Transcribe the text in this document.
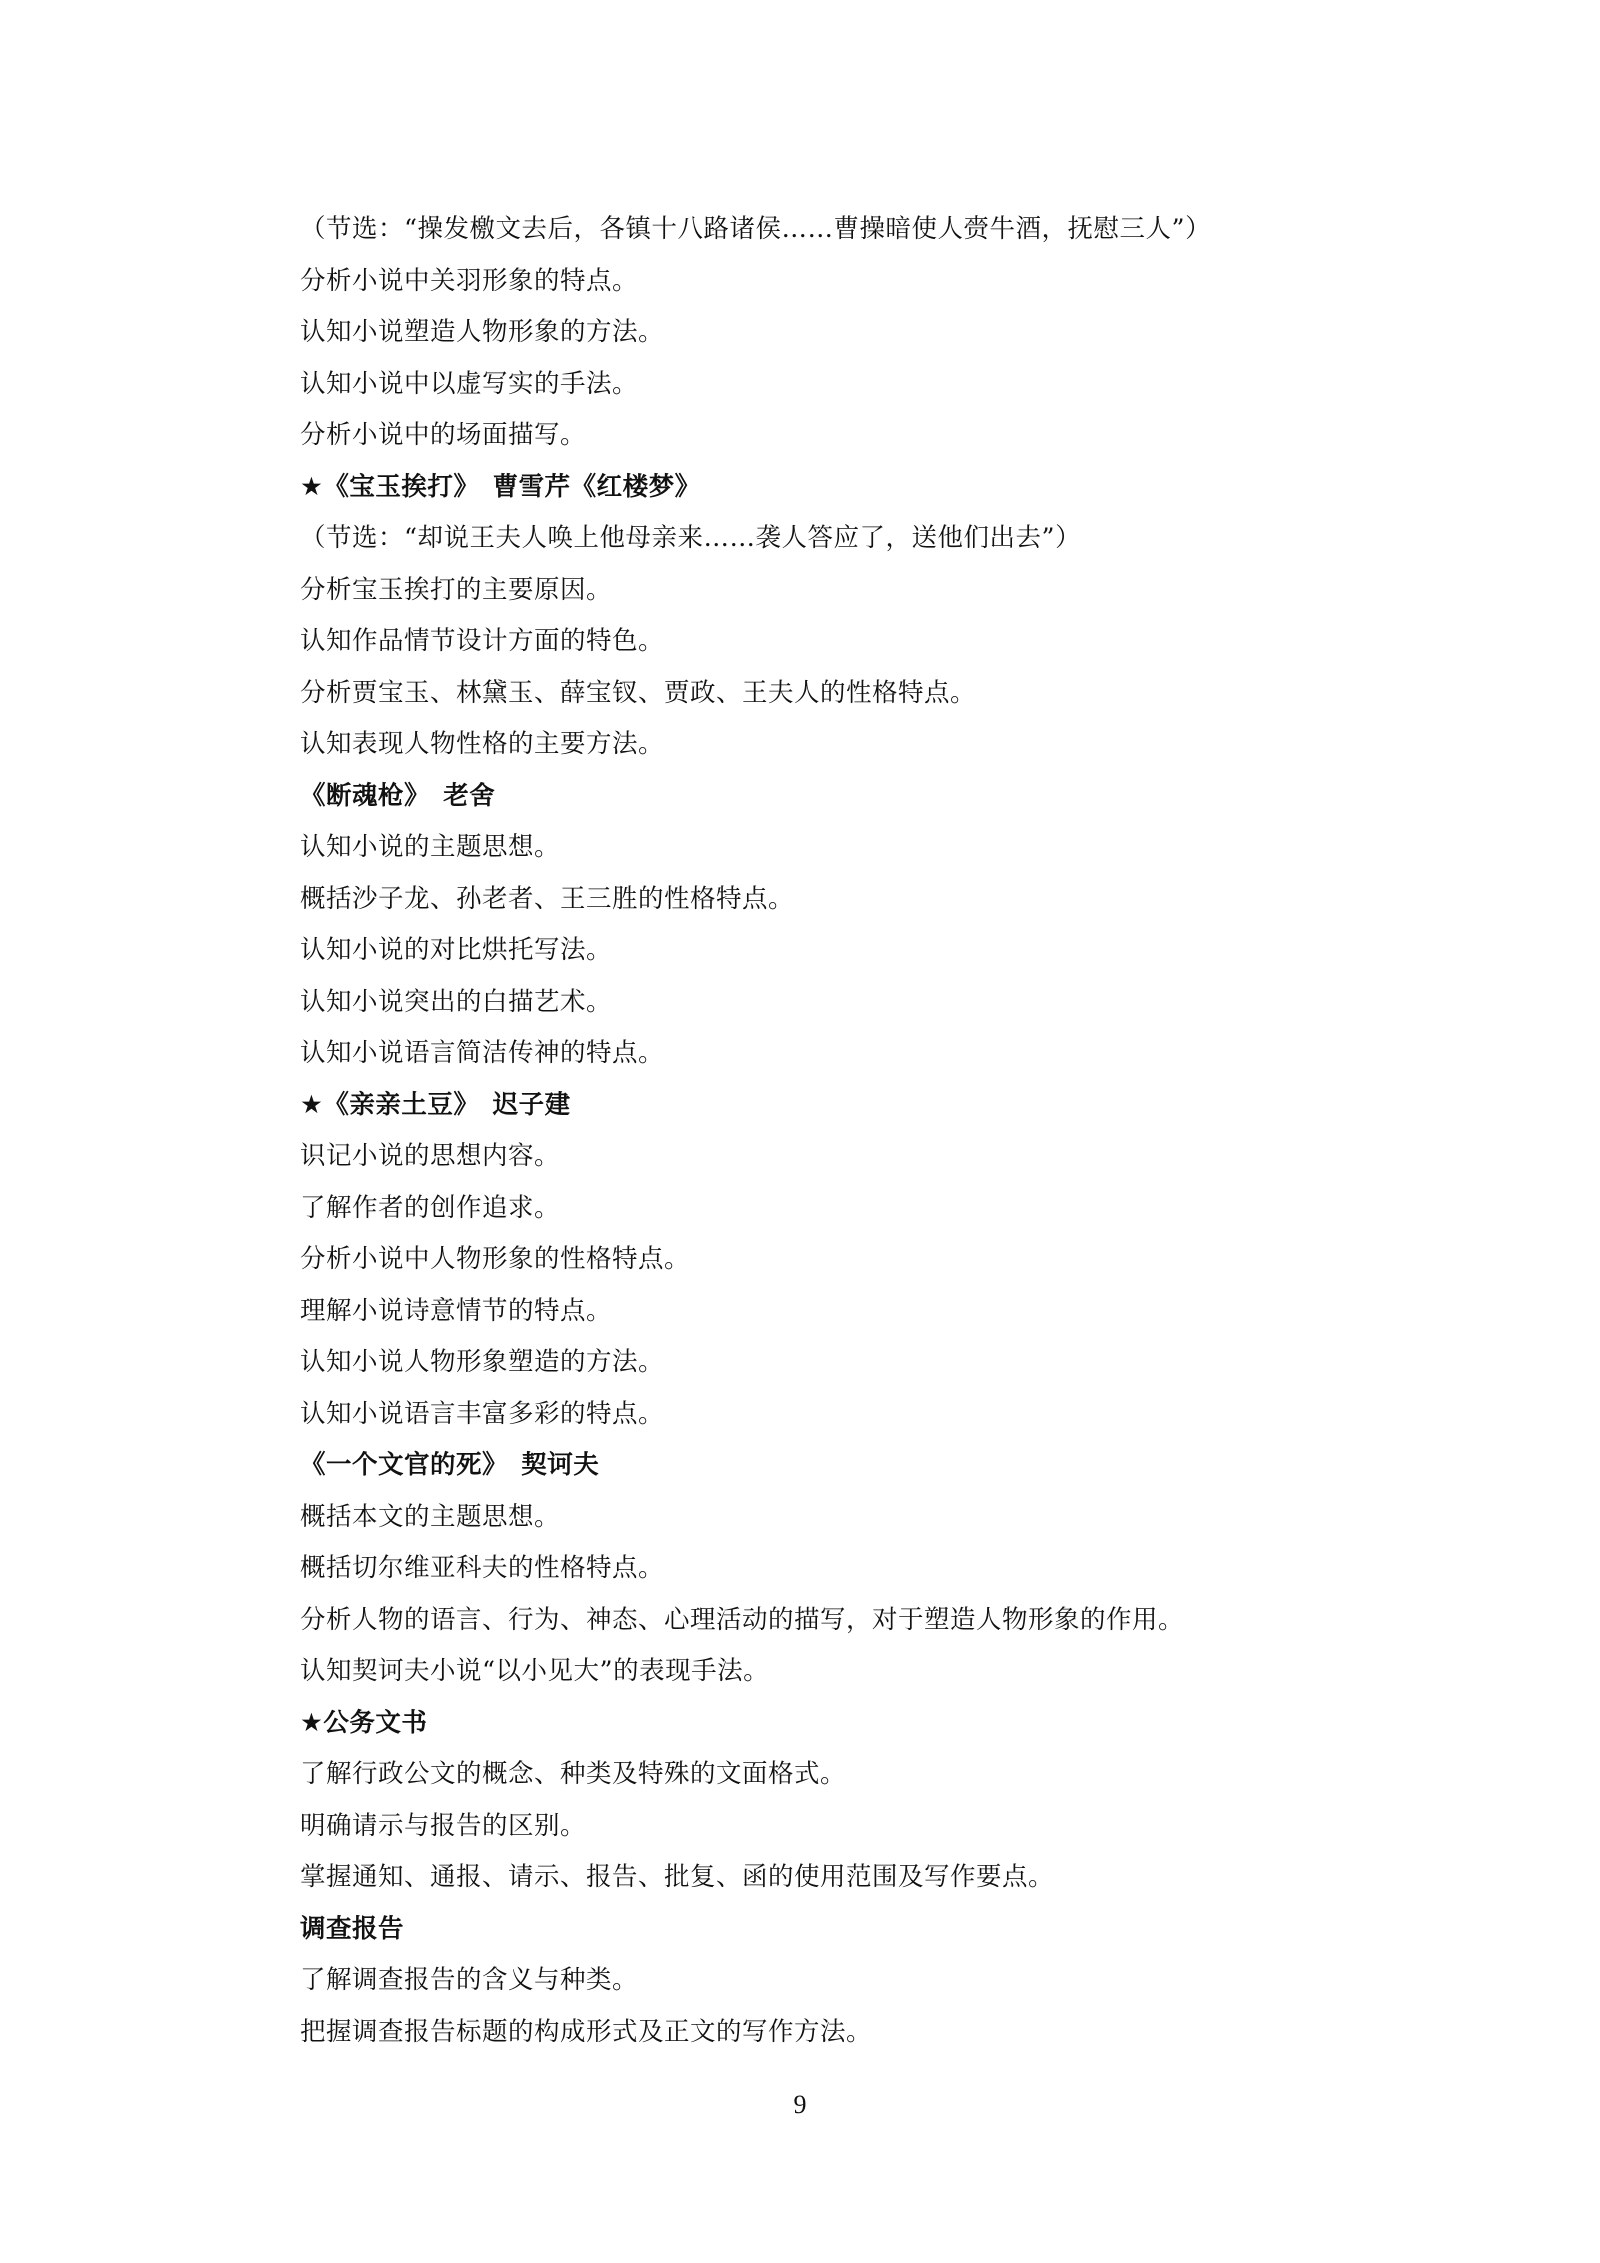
（节选：“操发檄文去后，各镇十八路诸侯……曹操暗使人赍牛酒，抚慰三人”）
分析小说中关羽形象的特点。
认知小说塑造人物形象的方法。
认知小说中以虚写实的手法。
分析小说中的场面描写。
★《宝玉挨打》　曹雪芹《红楼梦》
（节选：“却说王夫人唤上他母亲来……袭人答应了，送他们出去”）
分析宝玉挨打的主要原因。
认知作品情节设计方面的特色。
分析贾宝玉、林黛玉、薛宝钗、贾政、王夫人的性格特点。
认知表现人物性格的主要方法。
《断魂枪》　老舍
认知小说的主题思想。
概括沙子龙、孙老者、王三胜的性格特点。
认知小说的对比烘托写法。
认知小说突出的白描艺术。
认知小说语言简洁传神的特点。
★《亲亲土豆》　迟子建
识记小说的思想内容。
了解作者的创作追求。
分析小说中人物形象的性格特点。
理解小说诗意情节的特点。
认知小说人物形象塑造的方法。
认知小说语言丰富多彩的特点。
《一个文官的死》　契诃夫
概括本文的主题思想。
概括切尔维亚科夫的性格特点。
分析人物的语言、行为、神态、心理活动的描写，对于塑造人物形象的作用。
认知契诃夫小说“以小见大”的表现手法。
★公务文书
了解行政公文的概念、种类及特殊的文面格式。
明确请示与报告的区别。
掌握通知、通报、请示、报告、批复、函的使用范围及写作要点。
调查报告
了解调查报告的含义与种类。
把握调查报告标题的构成形式及正文的写作方法。
9
